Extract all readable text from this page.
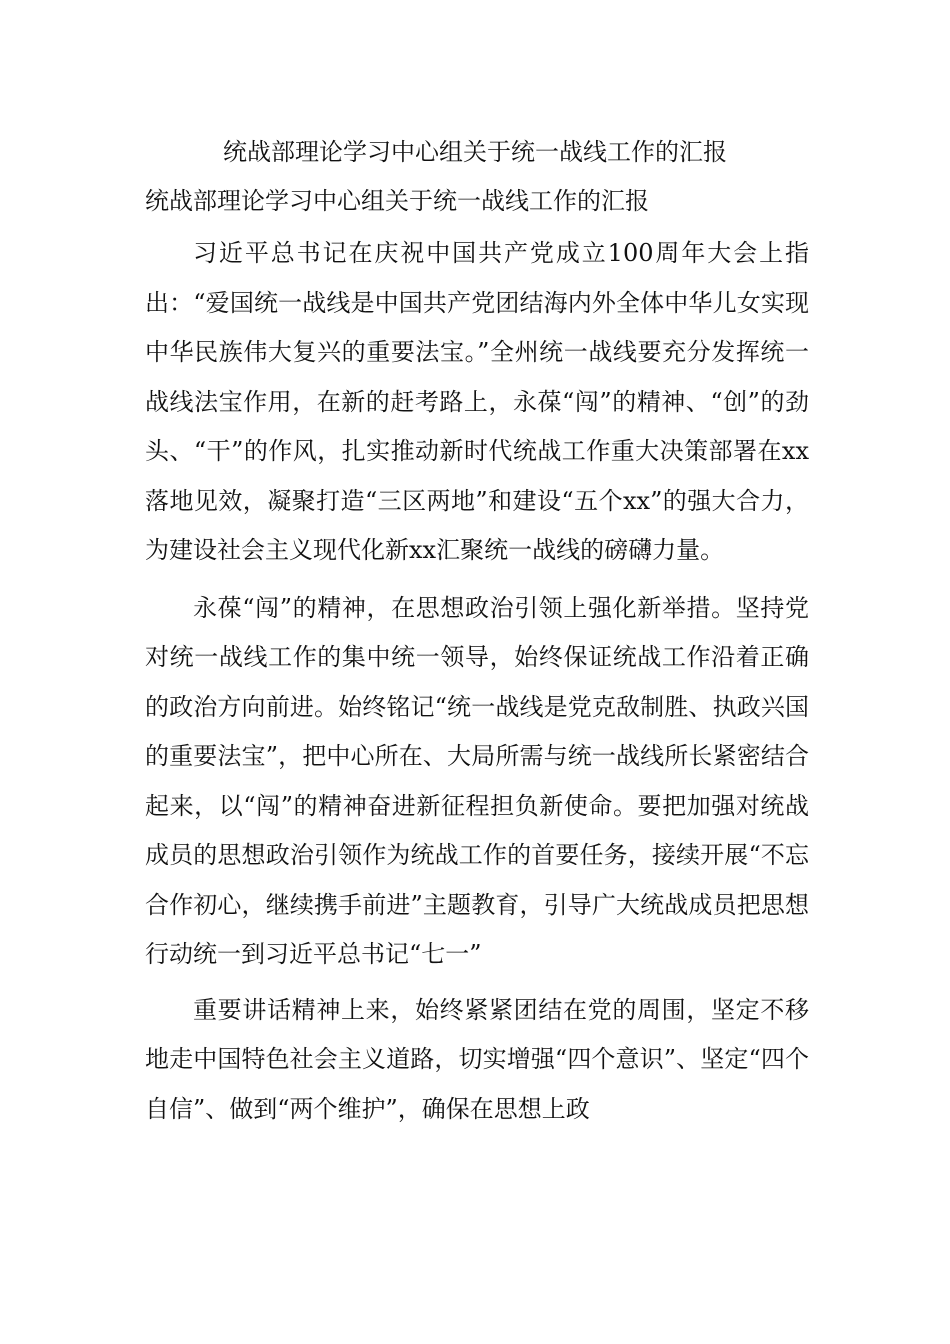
统战部理论学习中心组关于统一战线工作的汇报
统战部理论学习中心组关于统一战线工作的汇报

习近平总书记在庆祝中国共产党成立100周年大会上指出：“爱国统一战线是中国共产党团结海内外全体中华儿女实现中华民族伟大复兴的重要法宝。”全州统一战线要充分发挥统一战线法宝作用，在新的赶考路上，永葆“闯”的精神、“创”的劲头、“干”的作风，扎实推动新时代统战工作重大决策部署在xx落地见效，凝聚打造“三区两地”和建设“五个xx”的强大合力，为建设社会主义现代化新xx汇聚统一战线的磅礴力量。

永葆“闯”的精神，在思想政治引领上强化新举措。坚持党对统一战线工作的集中统一领导，始终保证统战工作沿着正确的政治方向前进。始终铭记“统一战线是党克敌制胜、执政兴国的重要法宝”，把中心所在、大局所需与统一战线所长紧密结合起来，以“闯”的精神奋进新征程担负新使命。要把加强对统战成员的思想政治引领作为统战工作的首要任务，接续开展“不忘合作初心，继续携手前进”主题教育，引导广大统战成员把思想行动统一到习近平总书记“七一”

重要讲话精神上来，始终紧紧团结在党的周围，坚定不移地走中国特色社会主义道路，切实增强“四个意识”、坚定“四个自信”、做到“两个维护”，确保在思想上政
